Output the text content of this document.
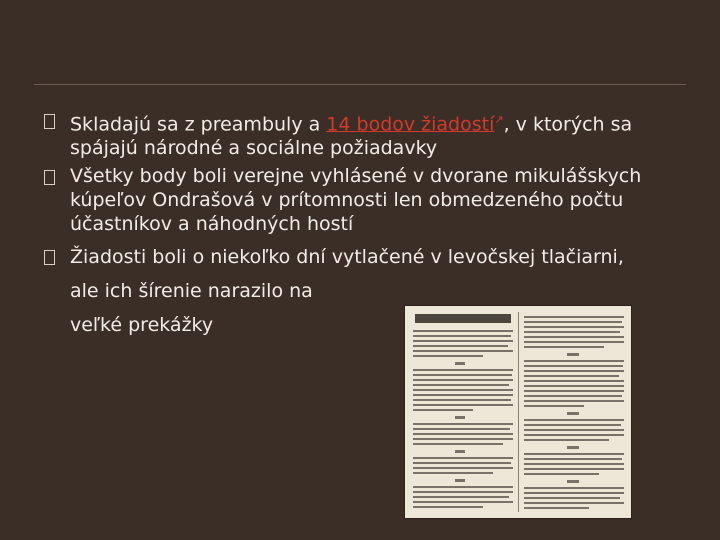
Skladajú sa z preambuly a 14 bodov žiadostí↗, v ktorých sa spájajú národné a sociálne požiadavky
Všetky body boli verejne vyhlásené v dvorane mikulášskych kúpeľov Ondrašová v prítomnosti len obmedzeného počtu účastníkov a náhodných hostí
Žiadosti boli o niekoľko dní vytlačené v levočskej tlačiarni,
ale ich šírenie narazilo na
veľké prekážky
